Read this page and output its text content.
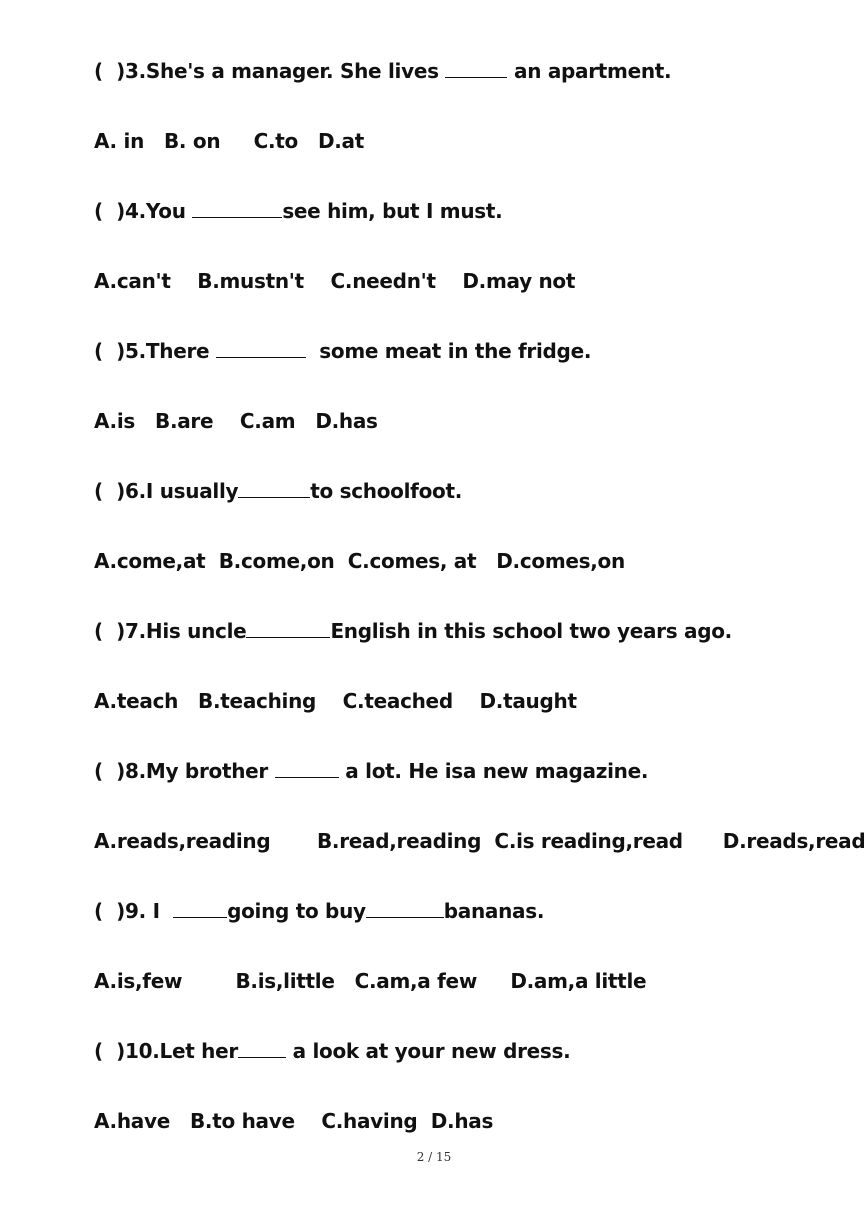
(  )3.She's a manager. She lives	an apartment.
A. in   B. on     C.to   D.at
(  )4.You	see him, but I must.
A.can't    B.mustn't    C.needn't    D.may not
(  )5.There	some meat in the fridge.
A.is   B.are    C.am   D.has
(  )6.I usually	to schoolfoot.
A.come,at  B.come,on  C.comes, at   D.comes,on
(  )7.His uncle	English in this school two years ago.
A.teach   B.teaching    C.teached    D.taught
(  )8.My brother	a lot. He isa new magazine.
A.reads,reading       B.read,reading  C.is reading,read      D.reads,read
(  )9. I	going to buy	bananas.
A.is,few        B.is,little   C.am,a few     D.am,a little
(  )10.Let her a look at your new dress.
A.have   B.to have    C.having  D.has
2 / 15
